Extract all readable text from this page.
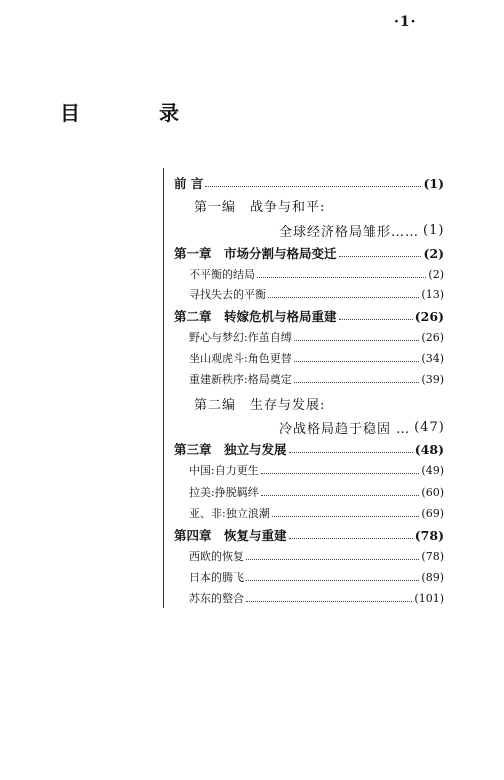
·1·
目 录
前 言	(1)
第一编　战争与和平:
全球经济格局雏形…… (1)
第一章　市场分割与格局变迁	(2)
不平衡的结局	(2)
寻找失去的平衡	(13)
第二章　转嫁危机与格局重建	(26)
野心与梦幻:作茧自缚	(26)
坐山观虎斗:角色更替	(34)
重建新秩序:格局奠定	(39)
第二编　生存与发展:
冷战格局趋于稳固 … (47)
第三章　独立与发展	(48)
中国:自力更生	(49)
拉美:挣脱羁绊	(60)
亚、非:独立浪潮	(69)
第四章　恢复与重建	(78)
西欧的恢复	(78)
日本的腾飞	(89)
苏东的整合	(101)
